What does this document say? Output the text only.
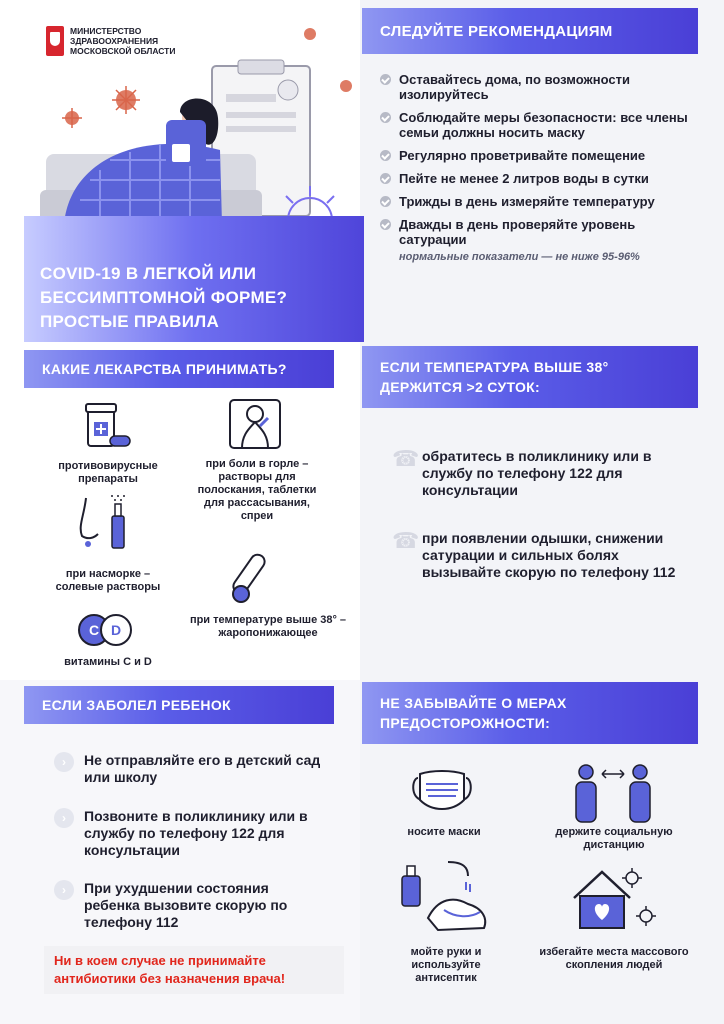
МИНИСТЕРСТВО
ЗДРАВООХРАНЕНИЯ
МОСКОВСКОЙ ОБЛАСТИ
COVID-19 В ЛЕГКОЙ ИЛИ
БЕССИМПТОМНОЙ ФОРМЕ?
ПРОСТЫЕ ПРАВИЛА
СЛЕДУЙТЕ РЕКОМЕНДАЦИЯМ
Оставайтесь дома, по возможности изолируйтесь
Соблюдайте меры безопасности: все члены семьи должны носить маску
Регулярно проветривайте помещение
Пейте не менее 2 литров воды в сутки
Трижды в день измеряйте температуру
Дважды в день проверяйте уровень сатурации
нормальные показатели — не ниже 95-96%
КАКИЕ ЛЕКАРСТВА ПРИНИМАТЬ?
противовирусные препараты
при боли в горле – растворы для полоскания, таблетки для рассасывания, спреи
при насморке – солевые растворы
при температуре выше 38° – жаропонижающее
C D
витамины С и D
ЕСЛИ ТЕМПЕРАТУРА ВЫШЕ 38°
ДЕРЖИТСЯ >2 СУТОК:
☎ обратитесь в поликлинику или в службу по телефону 122 для консультации
☎ при появлении одышки, снижении сатурации и сильных болях вызывайте скорую по телефону 112
ЕСЛИ ЗАБОЛЕЛ РЕБЕНОК
›	Не отправляйте его в детский сад или школу
›	Позвоните в поликлинику или в службу по телефону 122 для консультации
›	При ухудшении состояния ребенка вызовите скорую по телефону 112
Ни в коем случае не принимайте антибиотики без назначения врача!
НЕ ЗАБЫВАЙТЕ О МЕРАХ
ПРЕДОСТОРОЖНОСТИ:
носите маски	держите социальную дистанцию
мойте руки и используйте антисептик
избегайте места массового скопления людей
